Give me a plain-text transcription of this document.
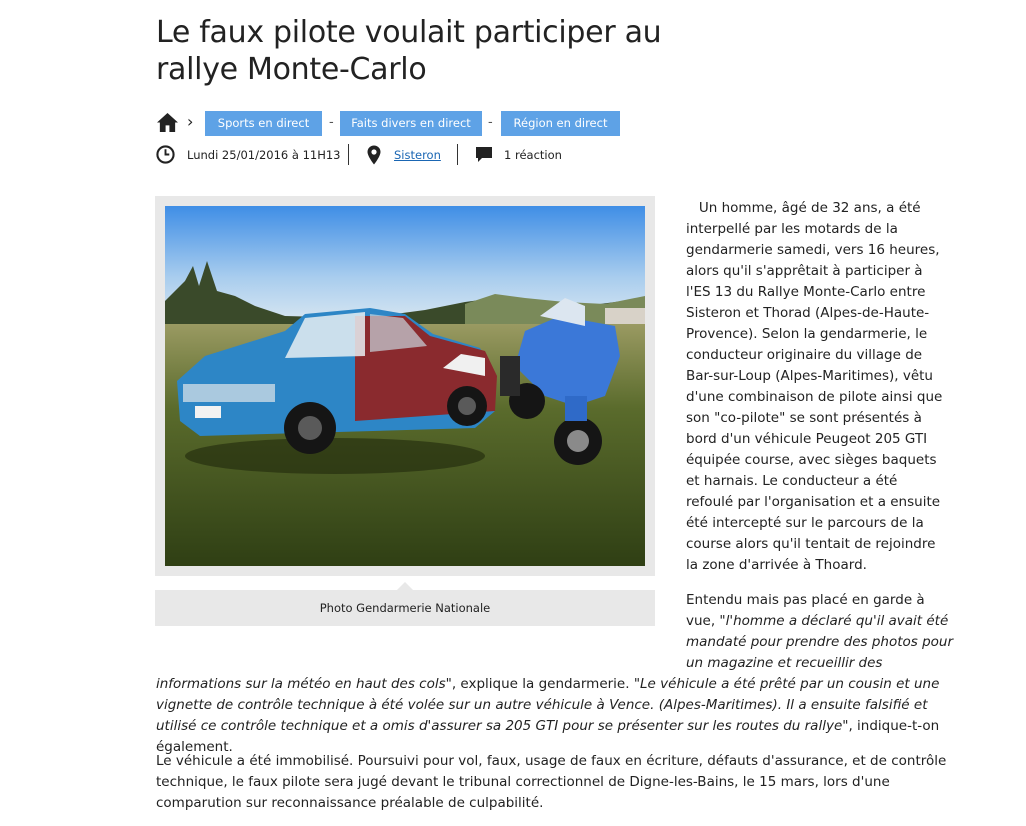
Le faux pilote voulait participer au rallye Monte-Carlo
›	Sports en direct	-	Faits divers en direct	-	Région en direct
Lundi 25/01/2016 à 11H13	Sisteron	1 réaction
Photo Gendarmerie Nationale

Un homme, âgé de 32 ans, a été interpellé par les motards de la gendarmerie samedi, vers 16 heures, alors qu'il s'apprêtait à participer à l'ES 13 du Rallye Monte-Carlo entre Sisteron et Thorad (Alpes-de-Haute-Provence). Selon la gendarmerie, le conducteur originaire du village de Bar-sur-Loup (Alpes-Maritimes), vêtu d'une combinaison de pilote ainsi que son "co-pilote" se sont présentés à bord d'un véhicule Peugeot 205 GTI équipée course, avec sièges baquets et harnais. Le conducteur a été refoulé par l'organisation et a ensuite été intercepté sur le parcours de la course alors qu'il tentait de rejoindre la zone d'arrivée à Thoard.

Entendu mais pas placé en garde à vue, "l'homme a déclaré qu'il avait été mandaté pour prendre des photos pour un magazine et recueillir des

informations sur la météo en haut des cols", explique la gendarmerie. "Le véhicule a été prêté par un cousin et une vignette de contrôle technique à été volée sur un autre véhicule à Vence. (Alpes-Maritimes). Il a ensuite falsifié et utilisé ce contrôle technique et a omis d'assurer sa 205 GTI pour se présenter sur les routes du rallye", indique-t-on également.

Le véhicule a été immobilisé. Poursuivi pour vol, faux, usage de faux en écriture, défauts d'assurance, et de contrôle technique, le faux pilote sera jugé devant le tribunal correctionnel de Digne-les-Bains, le 15 mars, lors d'une comparution sur reconnaissance préalable de culpabilité.
